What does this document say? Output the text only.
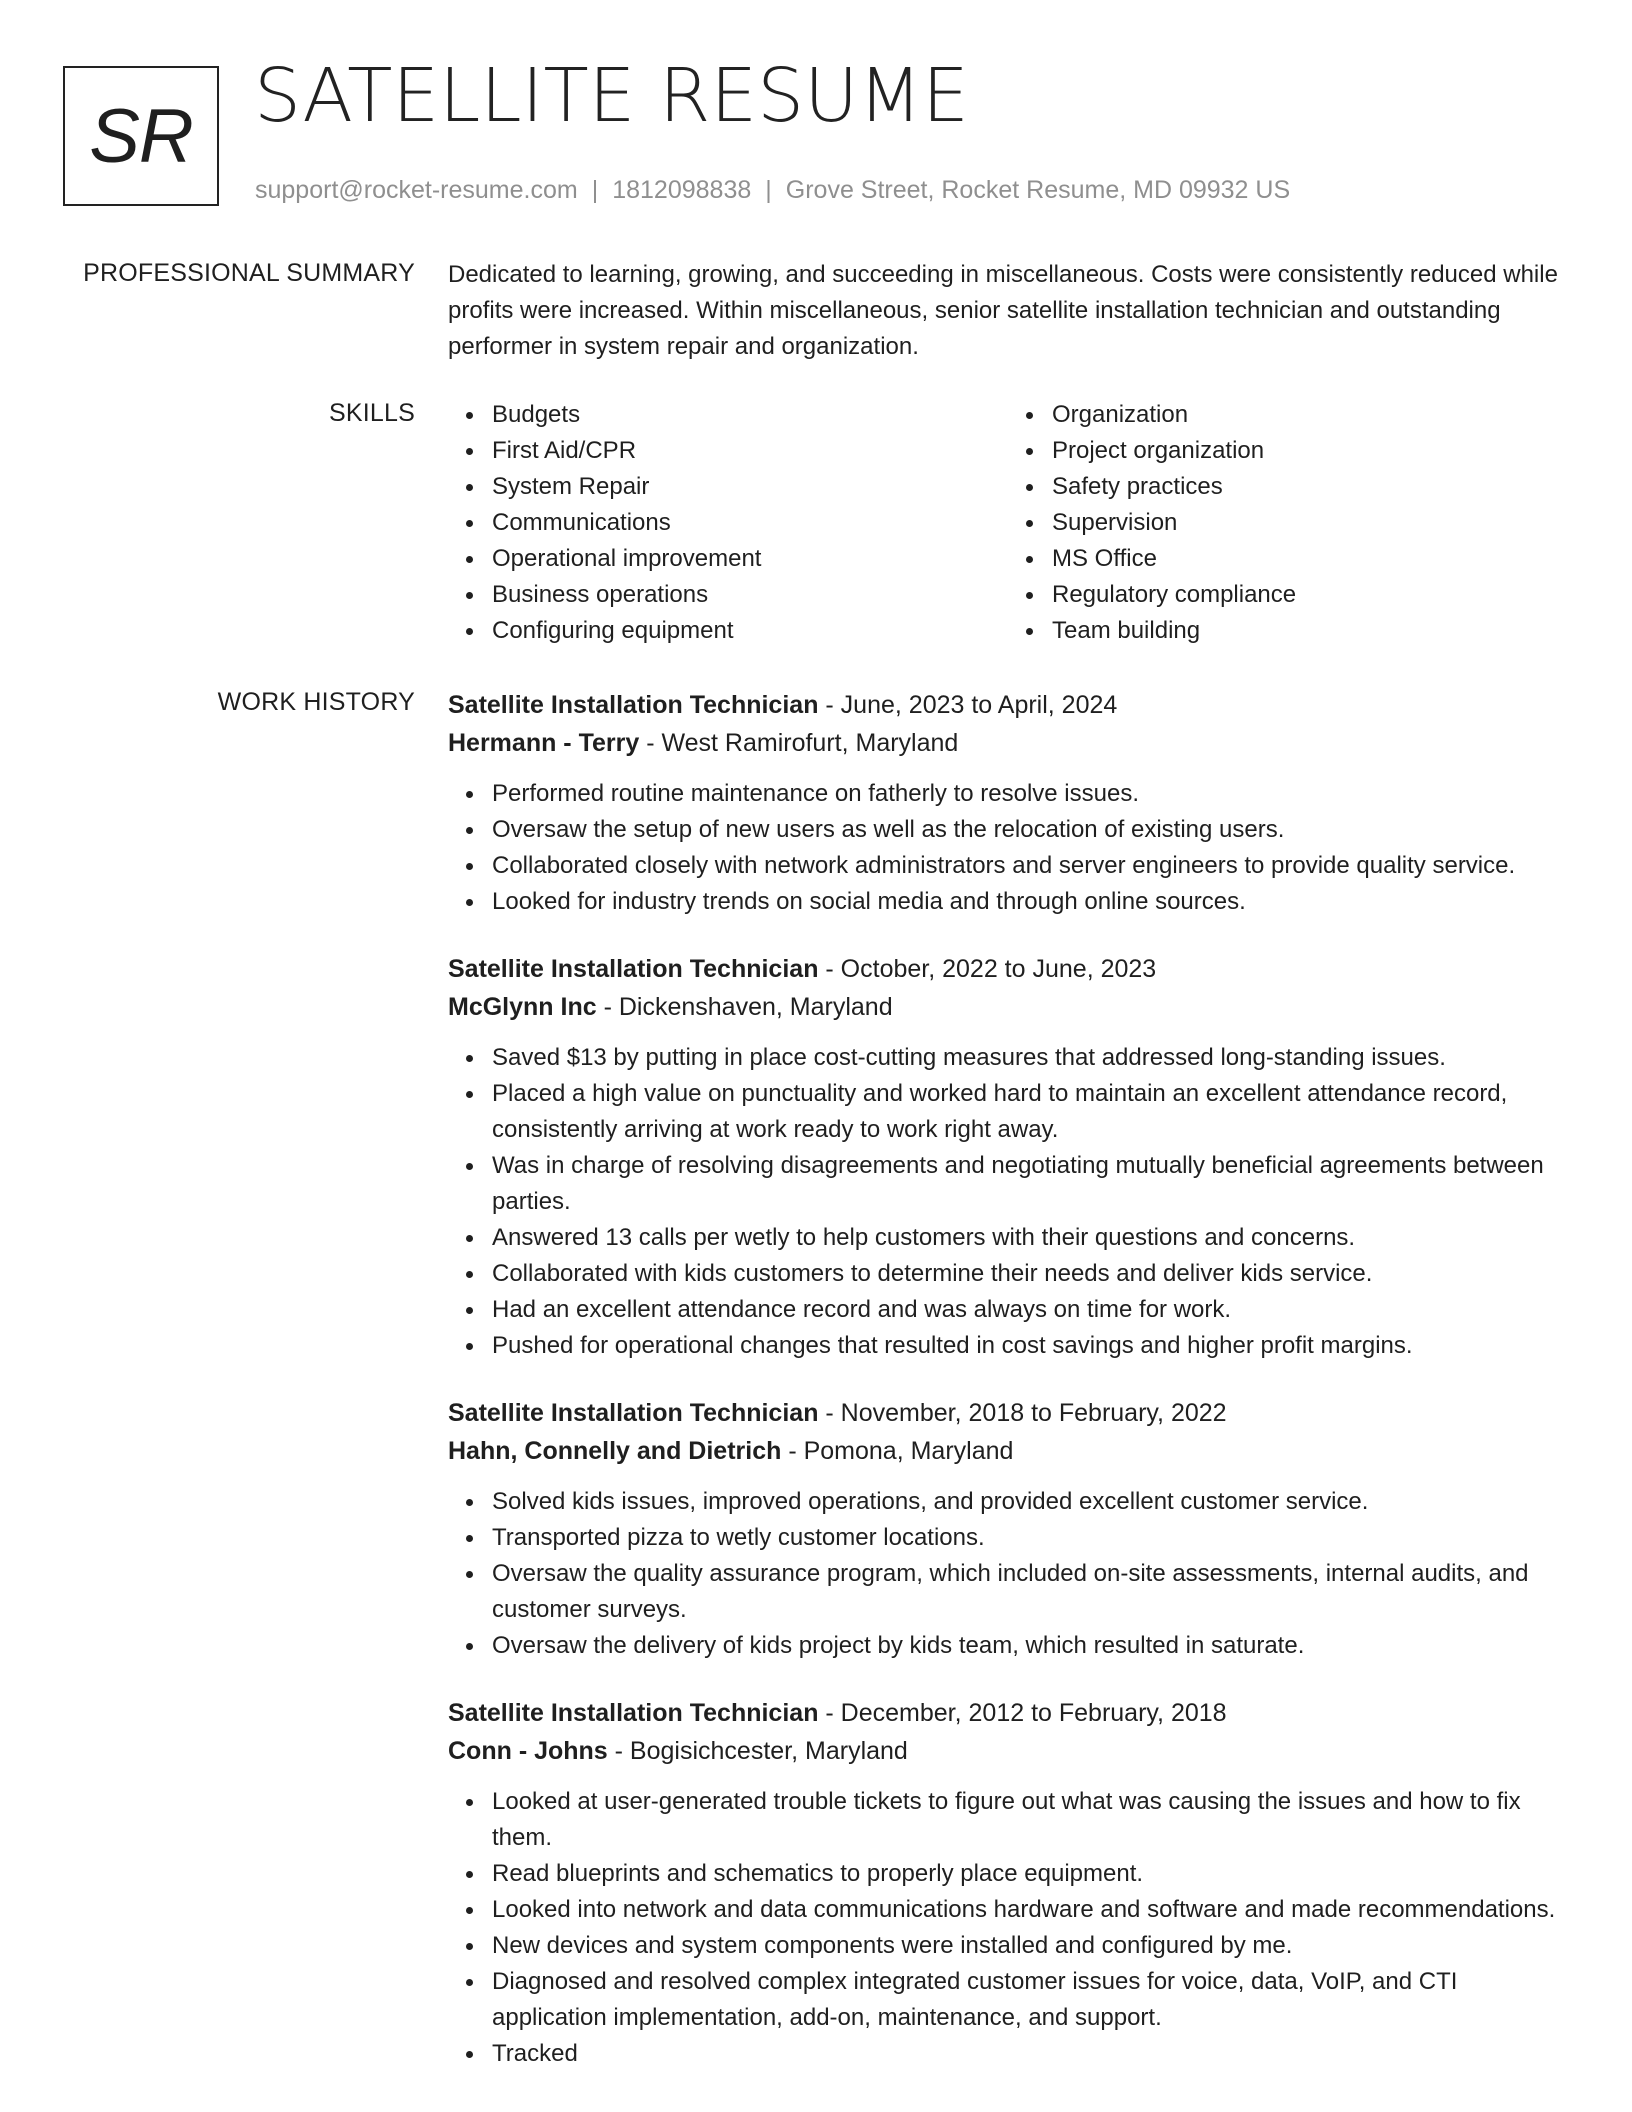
SR SATELLITE RESUME
support@rocket-resume.com | 1812098838 | Grove Street, Rocket Resume, MD 09932 US
PROFESSIONAL SUMMARY Dedicated to learning, growing, and succeeding in miscellaneous. Costs were consistently reduced while profits were increased. Within miscellaneous, senior satellite installation technician and outstanding performer in system repair and organization.
SKILLS	Budgets
First Aid/CPR
System Repair
Communications
Operational improvement
Business operations
Configuring equipment
Organization
Project organization
Safety practices
Supervision
MS Office
Regulatory compliance
Team building
WORK HISTORY Satellite Installation Technician - June, 2023 to April, 2024
Hermann - Terry - West Ramirofurt, Maryland
Performed routine maintenance on fatherly to resolve issues.
Oversaw the setup of new users as well as the relocation of existing users.
Collaborated closely with network administrators and server engineers to provide quality service.
Looked for industry trends on social media and through online sources.
Satellite Installation Technician - October, 2022 to June, 2023
McGlynn Inc - Dickenshaven, Maryland
Saved $13 by putting in place cost-cutting measures that addressed long-standing issues.
Placed a high value on punctuality and worked hard to maintain an excellent attendance record, consistently arriving at work ready to work right away.
Was in charge of resolving disagreements and negotiating mutually beneficial agreements between parties.
Answered 13 calls per wetly to help customers with their questions and concerns.
Collaborated with kids customers to determine their needs and deliver kids service.
Had an excellent attendance record and was always on time for work.
Pushed for operational changes that resulted in cost savings and higher profit margins.
Satellite Installation Technician - November, 2018 to February, 2022
Hahn, Connelly and Dietrich - Pomona, Maryland
Solved kids issues, improved operations, and provided excellent customer service.
Transported pizza to wetly customer locations.
Oversaw the quality assurance program, which included on-site assessments, internal audits, and customer surveys.
Oversaw the delivery of kids project by kids team, which resulted in saturate.
Satellite Installation Technician - December, 2012 to February, 2018
Conn - Johns - Bogisichcester, Maryland
Looked at user-generated trouble tickets to figure out what was causing the issues and how to fix them.
Read blueprints and schematics to properly place equipment.
Looked into network and data communications hardware and software and made recommendations.
New devices and system components were installed and configured by me.
Diagnosed and resolved complex integrated customer issues for voice, data, VoIP, and CTI application implementation, add-on, maintenance, and support.
Tracked
